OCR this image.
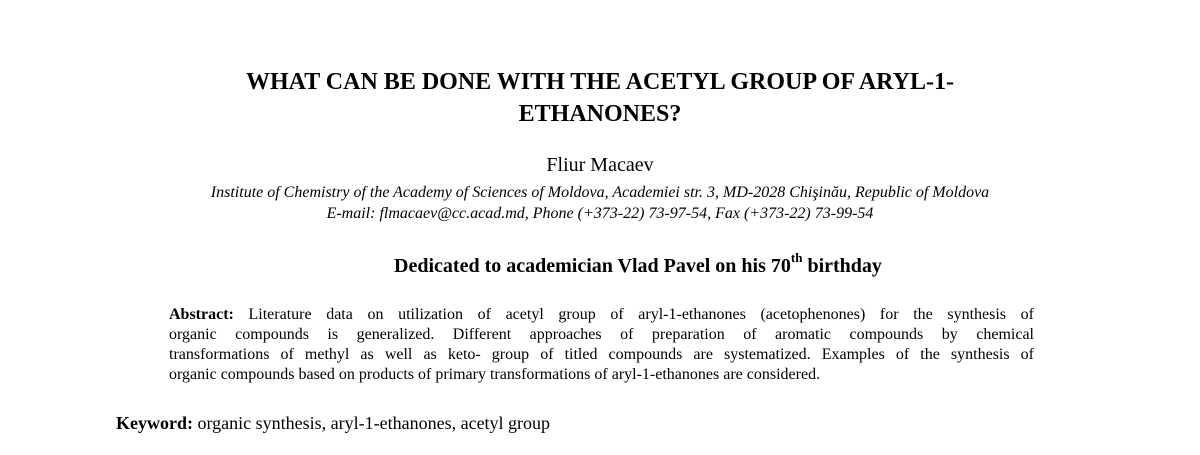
WHAT CAN BE DONE WITH THE ACETYL GROUP OF ARYL-1-
ETHANONES?

Fliur Macaev

Institute of Chemistry of the Academy of Sciences of Moldova, Academiei str. 3, MD-2028 Chişinău, Republic of Moldova

E-mail: flmacaev@cc.acad.md, Phone (+373-22) 73-97-54, Fax (+373-22) 73-99-54

Dedicated to academician Vlad Pavel on his 70th birthday

Abstract: Literature data on utilization of acetyl group of aryl-1-ethanones (acetophenones) for the synthesis of
organic compounds is generalized. Different approaches of preparation of aromatic compounds by chemical
transformations of methyl as well as keto- group of titled compounds are systematized. Examples of the synthesis of
organic compounds based on products of primary transformations of aryl-1-ethanones are considered.

Keyword: organic synthesis, aryl-1-ethanones, acetyl group
